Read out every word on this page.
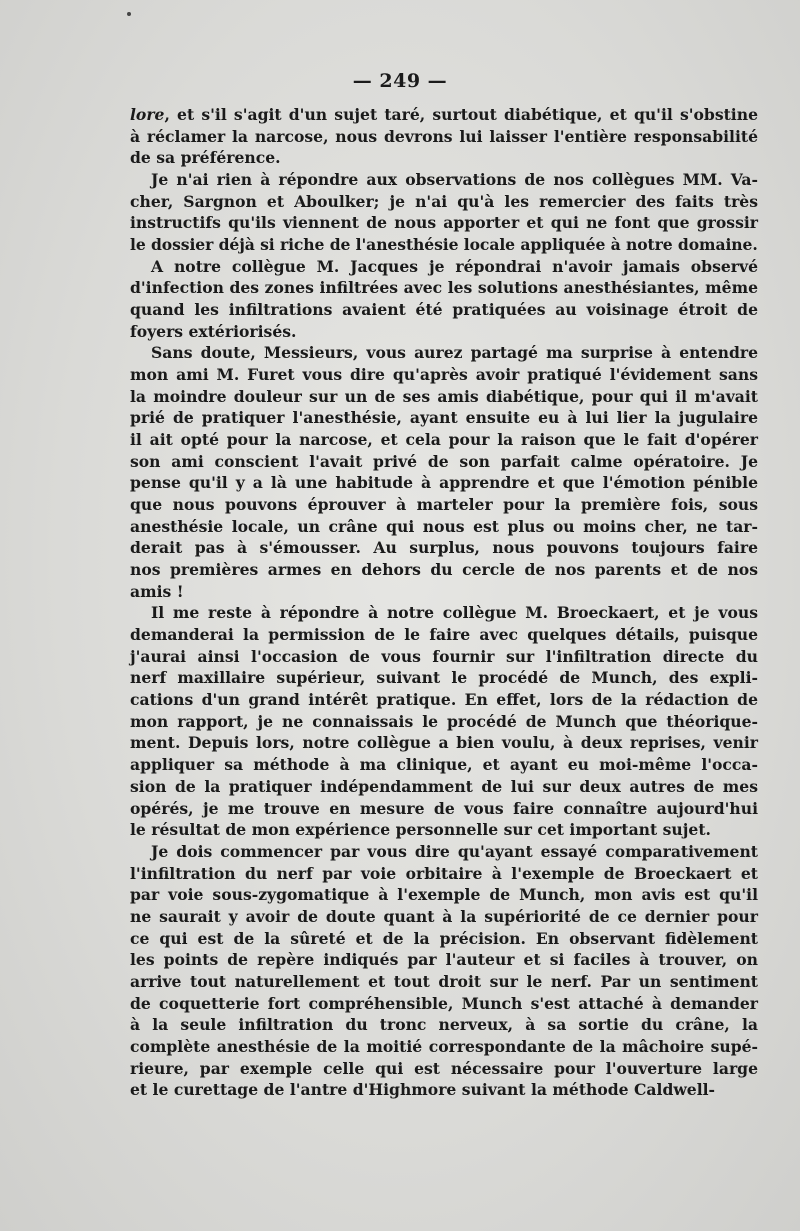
— 249 —
lore, et s'il s'agit d'un sujet taré, surtout diabétique, et qu'il s'obstine
à réclamer la narcose, nous devrons lui laisser l'entière responsabilité
de sa préférence.
Je n'ai rien à répondre aux observations de nos collègues MM. Va-
cher, Sargnon et Aboulker; je n'ai qu'à les remercier des faits très
instructifs qu'ils viennent de nous apporter et qui ne font que grossir
le dossier déjà si riche de l'anesthésie locale appliquée à notre domaine.
A notre collègue M. Jacques je répondrai n'avoir jamais observé
d'infection des zones infiltrées avec les solutions anesthésiantes, même
quand les infiltrations avaient été pratiquées au voisinage étroit de
foyers extériorisés.
Sans doute, Messieurs, vous aurez partagé ma surprise à entendre
mon ami M. Furet vous dire qu'après avoir pratiqué l'évidement sans
la moindre douleur sur un de ses amis diabétique, pour qui il m'avait
prié de pratiquer l'anesthésie, ayant ensuite eu à lui lier la jugulaire
il ait opté pour la narcose, et cela pour la raison que le fait d'opérer
son ami conscient l'avait privé de son parfait calme opératoire. Je
pense qu'il y a là une habitude à apprendre et que l'émotion pénible
que nous pouvons éprouver à marteler pour la première fois, sous
anesthésie locale, un crâne qui nous est plus ou moins cher, ne tar-
derait pas à s'émousser. Au surplus, nous pouvons toujours faire
nos premières armes en dehors du cercle de nos parents et de nos
amis !
Il me reste à répondre à notre collègue M. Broeckaert, et je vous
demanderai la permission de le faire avec quelques détails, puisque
j'aurai ainsi l'occasion de vous fournir sur l'infiltration directe du
nerf maxillaire supérieur, suivant le procédé de Munch, des expli-
cations d'un grand intérêt pratique. En effet, lors de la rédaction de
mon rapport, je ne connaissais le procédé de Munch que théorique-
ment. Depuis lors, notre collègue a bien voulu, à deux reprises, venir
appliquer sa méthode à ma clinique, et ayant eu moi-même l'occa-
sion de la pratiquer indépendamment de lui sur deux autres de mes
opérés, je me trouve en mesure de vous faire connaître aujourd'hui
le résultat de mon expérience personnelle sur cet important sujet.
Je dois commencer par vous dire qu'ayant essayé comparativement
l'infiltration du nerf par voie orbitaire à l'exemple de Broeckaert et
par voie sous-zygomatique à l'exemple de Munch, mon avis est qu'il
ne saurait y avoir de doute quant à la supériorité de ce dernier pour
ce qui est de la sûreté et de la précision. En observant fidèlement
les points de repère indiqués par l'auteur et si faciles à trouver, on
arrive tout naturellement et tout droit sur le nerf. Par un sentiment
de coquetterie fort compréhensible, Munch s'est attaché à demander
à la seule infiltration du tronc nerveux, à sa sortie du crâne, la
complète anesthésie de la moitié correspondante de la mâchoire supé-
rieure, par exemple celle qui est nécessaire pour l'ouverture large
et le curettage de l'antre d'Highmore suivant la méthode Caldwell-
